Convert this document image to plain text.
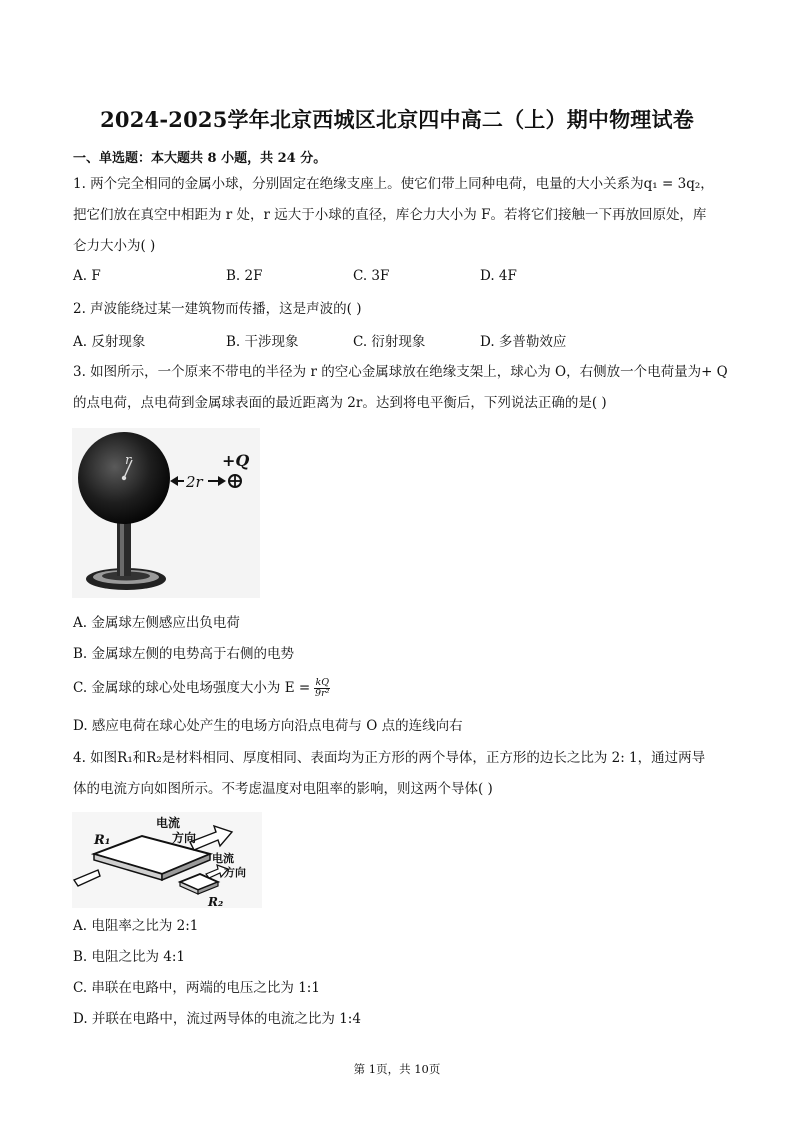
2024-2025学年北京西城区北京四中高二（上）期中物理试卷
一、单选题：本大题共 8 小题，共 24 分。
1. 两个完全相同的金属小球，分别固定在绝缘支座上。使它们带上同种电荷，电量的大小关系为q₁ = 3q₂，
把它们放在真空中相距为 r 处，r 远大于小球的直径，库仑力大小为 F。若将它们接触一下再放回原处，库
仑力大小为( )
A. F	B. 2F	C. 3F	D. 4F
2. 声波能绕过某一建筑物而传播，这是声波的( )
A. 反射现象	B. 干涉现象	C. 衍射现象	D. 多普勒效应
3. 如图所示，一个原来不带电的半径为 r 的空心金属球放在绝缘支架上，球心为 O，右侧放一个电荷量为+ Q
的点电荷，点电荷到金属球表面的最近距离为 2r。达到将电平衡后，下列说法正确的是( )
r
2r
+Q
A. 金属球左侧感应出负电荷
B. 金属球左侧的电势高于右侧的电势
C. 金属球的球心处电场强度大小为 $E = \frac{kQ}{\text{9r²}}$
D. 感应电荷在球心处产生的电场方向沿点电荷与 O 点的连线向右
4. 如图R₁和R₂是材料相同、厚度相同、表面均为正方形的两个导体，正方形的边长之比为 2: 1，通过两导
体的电流方向如图所示。不考虑温度对电阻率的影响，则这两个导体( )
R₁
电流
方向
R₂
电流
方向
A. 电阻率之比为 2:1
B. 电阻之比为 4:1
C. 串联在电路中，两端的电压之比为 1:1
D. 并联在电路中，流过两导体的电流之比为 1:4
第 1页，共 10页
